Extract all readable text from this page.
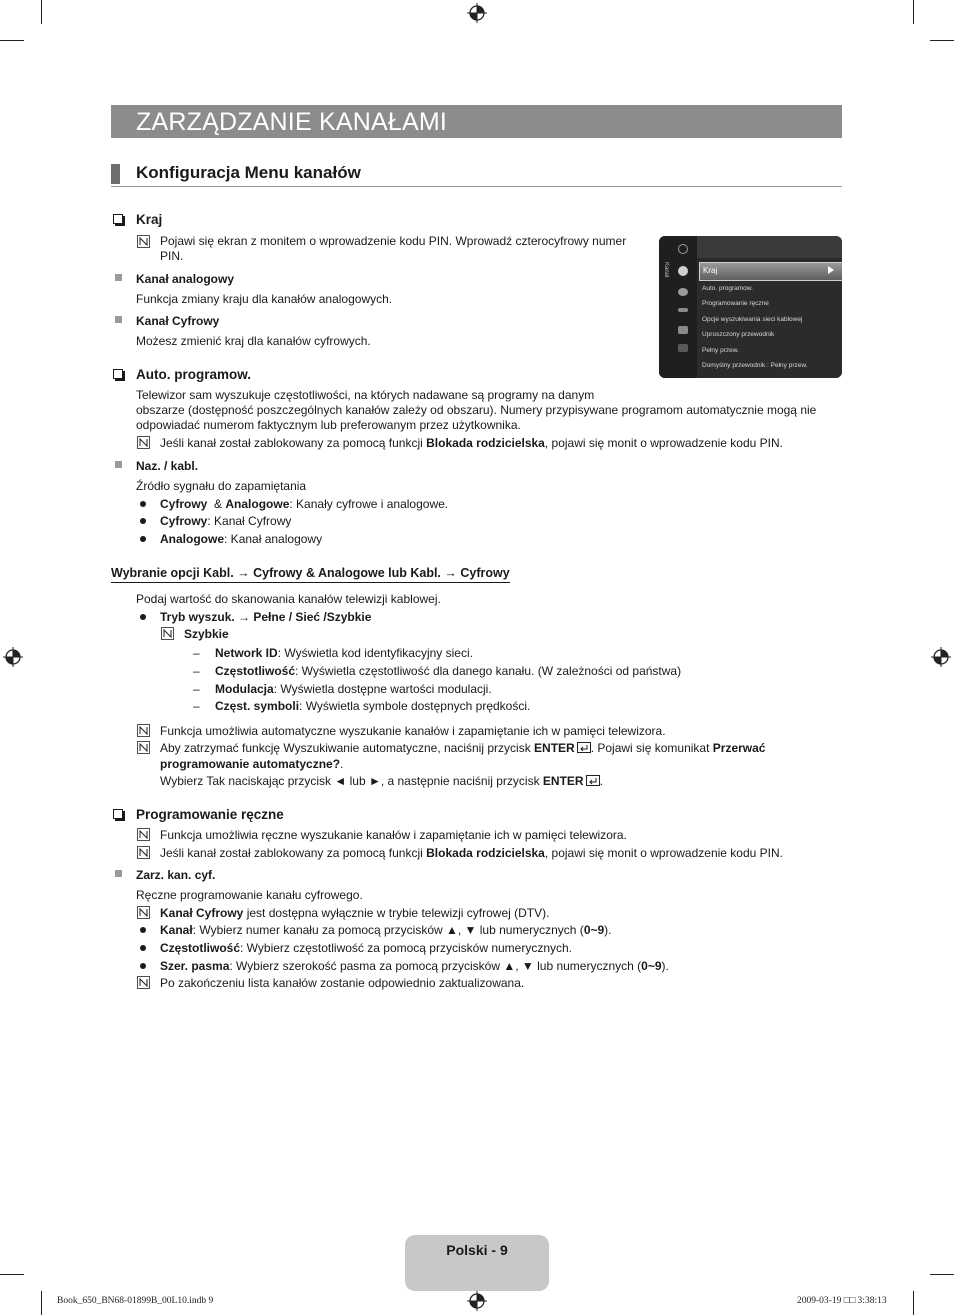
ZARZĄDZANIE KANAŁAMI
Konfiguracja Menu kanałów
Kraj
Pojawi się ekran z monitem o wprowadzenie kodu PIN. Wprowadź czterocyfrowy numer
PIN.
Kanał analogowy
Funkcja zmiany kraju dla kanałów analogowych.
Kanał Cyfrowy
Możesz zmienić kraj dla kanałów cyfrowych.
Kanał	Kraj
Auto. programow.
Programowanie ręczne
Opcje wyszukiwania sieci kablowej
Uproszczony przewodnik
Pełny przew.
Domyślny przewodnik : Pełny przew.
Auto. programow.
Telewizor sam wyszukuje częstotliwości, na których nadawane są programy na danym
obszarze (dostępność poszczególnych kanałów zależy od obszaru). Numery przypisywane programom automatycznie mogą nie
odpowiadać numerom faktycznym lub preferowanym przez użytkownika.
Jeśli kanał został zablokowany za pomocą funkcji Blokada rodzicielska, pojawi się monit o wprowadzenie kodu PIN.
Naz. / kabl.
Źródło sygnału do zapamiętania
Cyfrowy  & Analogowe: Kanały cyfrowe i analogowe.
Cyfrowy: Kanał Cyfrowy
Analogowe: Kanał analogowy
Wybranie opcji Kabl. → Cyfrowy & Analogowe lub Kabl. → Cyfrowy
Podaj wartość do skanowania kanałów telewizji kablowej.
Tryb wyszuk. → Pełne / Sieć /Szybkie
Szybkie
– Network ID: Wyświetla kod identyfikacyjny sieci.
– Częstotliwość: Wyświetla częstotliwość dla danego kanału. (W zależności od państwa)
– Modulacja: Wyświetla dostępne wartości modulacji.
– Częst. symboli: Wyświetla symbole dostępnych prędkości.
Funkcja umożliwia automatyczne wyszukanie kanałów i zapamiętanie ich w pamięci telewizora.
Aby zatrzymać funkcję Wyszukiwanie automatyczne, naciśnij przycisk ENTER . Pojawi się komunikat Przerwać
programowanie automatyczne?.
Wybierz Tak naciskając przycisk ◄ lub ►, a następnie naciśnij przycisk ENTER .
Programowanie ręczne
Funkcja umożliwia ręczne wyszukanie kanałów i zapamiętanie ich w pamięci telewizora.
Jeśli kanał został zablokowany za pomocą funkcji Blokada rodzicielska, pojawi się monit o wprowadzenie kodu PIN.
Zarz. kan. cyf.
Ręczne programowanie kanału cyfrowego.
Kanał Cyfrowy jest dostępna wyłącznie w trybie telewizji cyfrowej (DTV).
Kanał: Wybierz numer kanału za pomocą przycisków ▲, ▼ lub numerycznych (0~9).
Częstotliwość: Wybierz częstotliwość za pomocą przycisków numerycznych.
Szer. pasma: Wybierz szerokość pasma za pomocą przycisków ▲, ▼ lub numerycznych (0~9).
Po zakończeniu lista kanałów zostanie odpowiednio zaktualizowana.
Polski - 9
Book_650_BN68-01899B_00L10.indb 9	2009-03-19 □□ 3:38:13
